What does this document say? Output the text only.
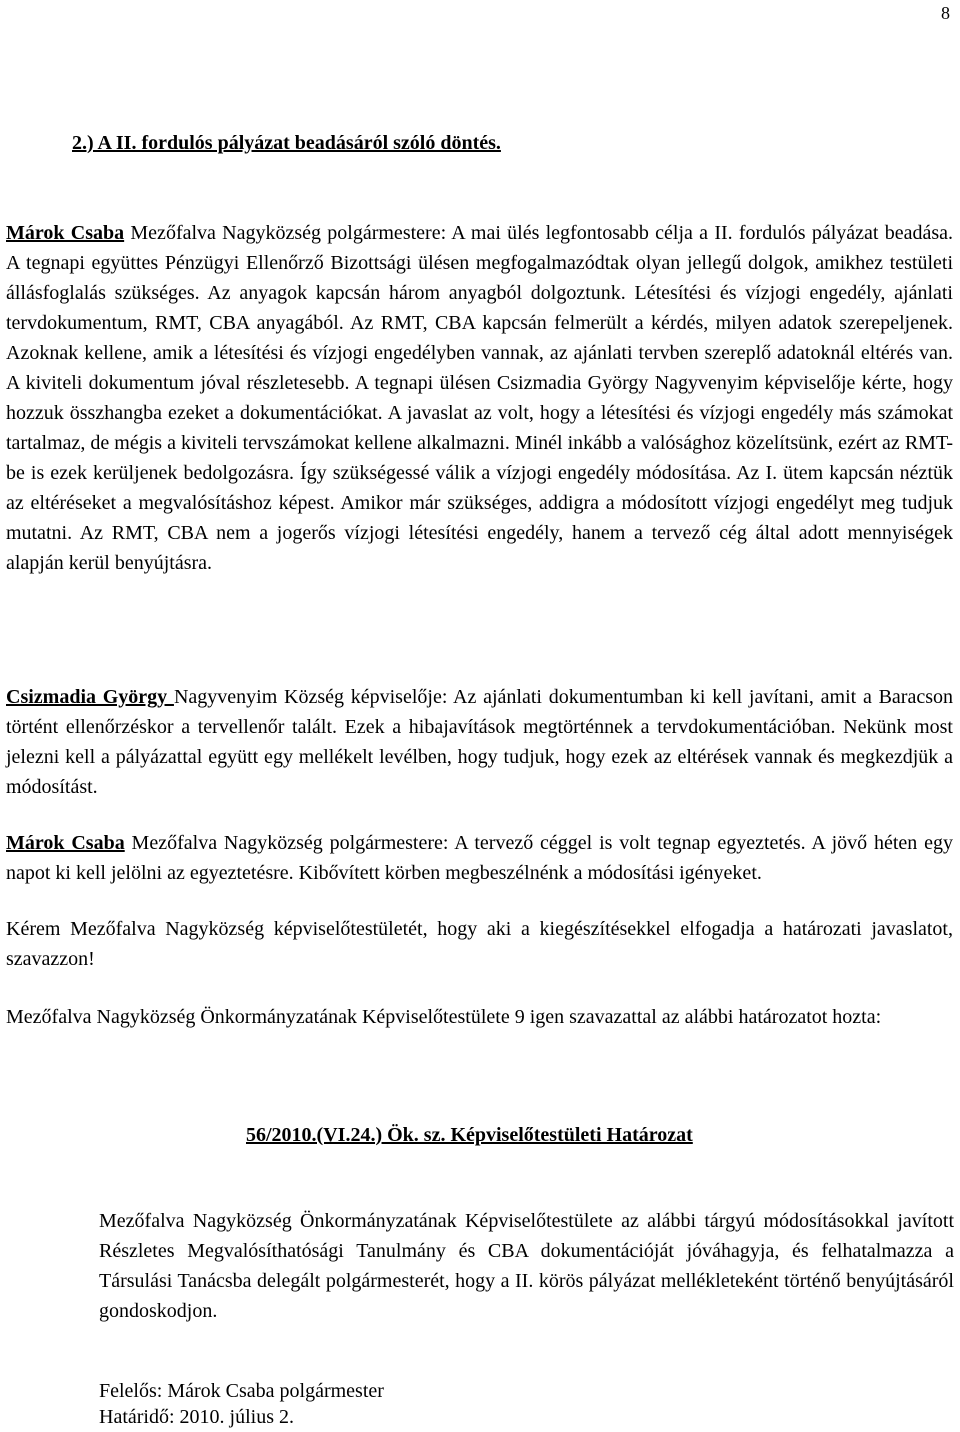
8

2.) A II. fordulós pályázat beadásáról szóló döntés.

Márok Csaba Mezőfalva Nagyközség polgármestere: A mai ülés legfontosabb célja a II. fordulós pályázat beadása. A tegnapi együttes Pénzügyi Ellenőrző Bizottsági ülésen megfogalmazódtak olyan jellegű dolgok, amikhez testületi állásfoglalás szükséges. Az anyagok kapcsán három anyagból dolgoztunk. Létesítési és vízjogi engedély, ajánlati tervdokumentum, RMT, CBA anyagából. Az RMT, CBA kapcsán felmerült a kérdés, milyen adatok szerepeljenek. Azoknak kellene, amik a létesítési és vízjogi engedélyben vannak, az ajánlati tervben szereplő adatoknál eltérés van. A kiviteli dokumentum jóval részletesebb. A tegnapi ülésen Csizmadia György Nagyvenyim képviselője kérte, hogy hozzuk összhangba ezeket a dokumentációkat. A javaslat az volt, hogy a létesítési és vízjogi engedély más számokat tartalmaz, de mégis a kiviteli tervszámokat kellene alkalmazni. Minél inkább a valósághoz közelítsünk, ezért az RMT-be is ezek kerüljenek bedolgozásra. Így szükségessé válik a vízjogi engedély módosítása. Az I. ütem kapcsán néztük az eltéréseket a megvalósításhoz képest. Amikor már szükséges, addigra a módosított vízjogi engedélyt meg tudjuk mutatni. Az RMT, CBA nem a jogerős vízjogi létesítési engedély, hanem a tervező cég által adott mennyiségek alapján kerül benyújtásra.

Csizmadia György Nagyvenyim Község képviselője: Az ajánlati dokumentumban ki kell javítani, amit a Baracson történt ellenőrzéskor a tervellenőr talált. Ezek a hibajavítások megtörténnek a tervdokumentációban. Nekünk most jelezni kell a pályázattal együtt egy mellékelt levélben, hogy tudjuk, hogy ezek az eltérések vannak és megkezdjük a módosítást.

Márok Csaba Mezőfalva Nagyközség polgármestere: A tervező céggel is volt tegnap egyeztetés. A jövő héten egy napot ki kell jelölni az egyeztetésre. Kibővített körben megbeszélnénk a módosítási igényeket.

Kérem Mezőfalva Nagyközség képviselőtestületét, hogy aki a kiegészítésekkel elfogadja a határozati javaslatot, szavazzon!

Mezőfalva Nagyközség Önkormányzatának Képviselőtestülete 9 igen szavazattal az alábbi határozatot hozta:

56/2010.(VI.24.) Ök. sz. Képviselőtestületi Határozat

Mezőfalva Nagyközség Önkormányzatának Képviselőtestülete az alábbi tárgyú módosításokkal javított Részletes Megvalósíthatósági Tanulmány és CBA dokumentációját jóváhagyja, és felhatalmazza a Társulási Tanácsba delegált polgármesterét, hogy a II. körös pályázat mellékleteként történő benyújtásáról gondoskodjon.

Felelős: Márok Csaba polgármester

Határidő: 2010. július 2.
